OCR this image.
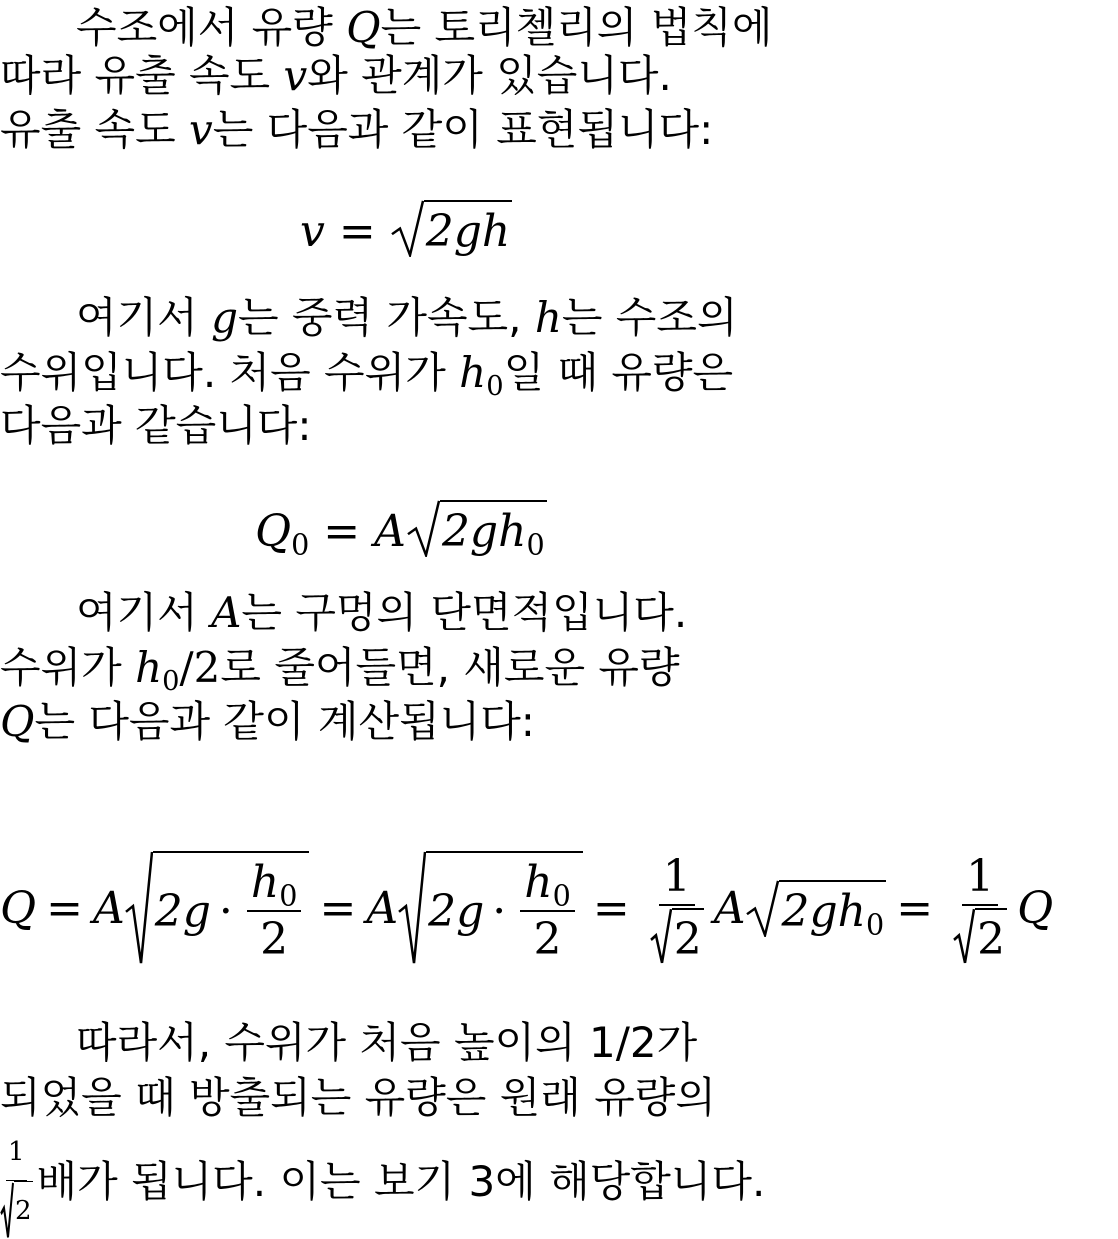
수조에서 유량 Q는 토리첼리의 법칙에
따라 유출 속도 v와 관계가 있습니다.
유출 속도 v는 다음과 같이 표현됩니다:
v = 2gh
여기서 g는 중력 가속도, h는 수조의
수위입니다. 처음 수위가 $h_0$일 때 유량은
다음과 같습니다:
$Q_0 = A$ $2gh_0$
여기서 A는 구멍의 단면적입니다.
수위가 $h_0/2$로 줄어들면, 새로운 유량
Q는 다음과 같이 계산됩니다:
Q = A $2g \cdot \frac{h_0}{2} = A$ $2g \cdot \frac{h_0}{2} = \frac{1}{2}$ A $2gh_0 = \frac{1}{2}$ Q
따라서, 수위가 처음 높이의 1/2가
되었을 때 방출되는 유량은 원래 유량의
$\frac{1}{2}$ 배가 됩니다. 이는 보기 3에 해당합니다.
